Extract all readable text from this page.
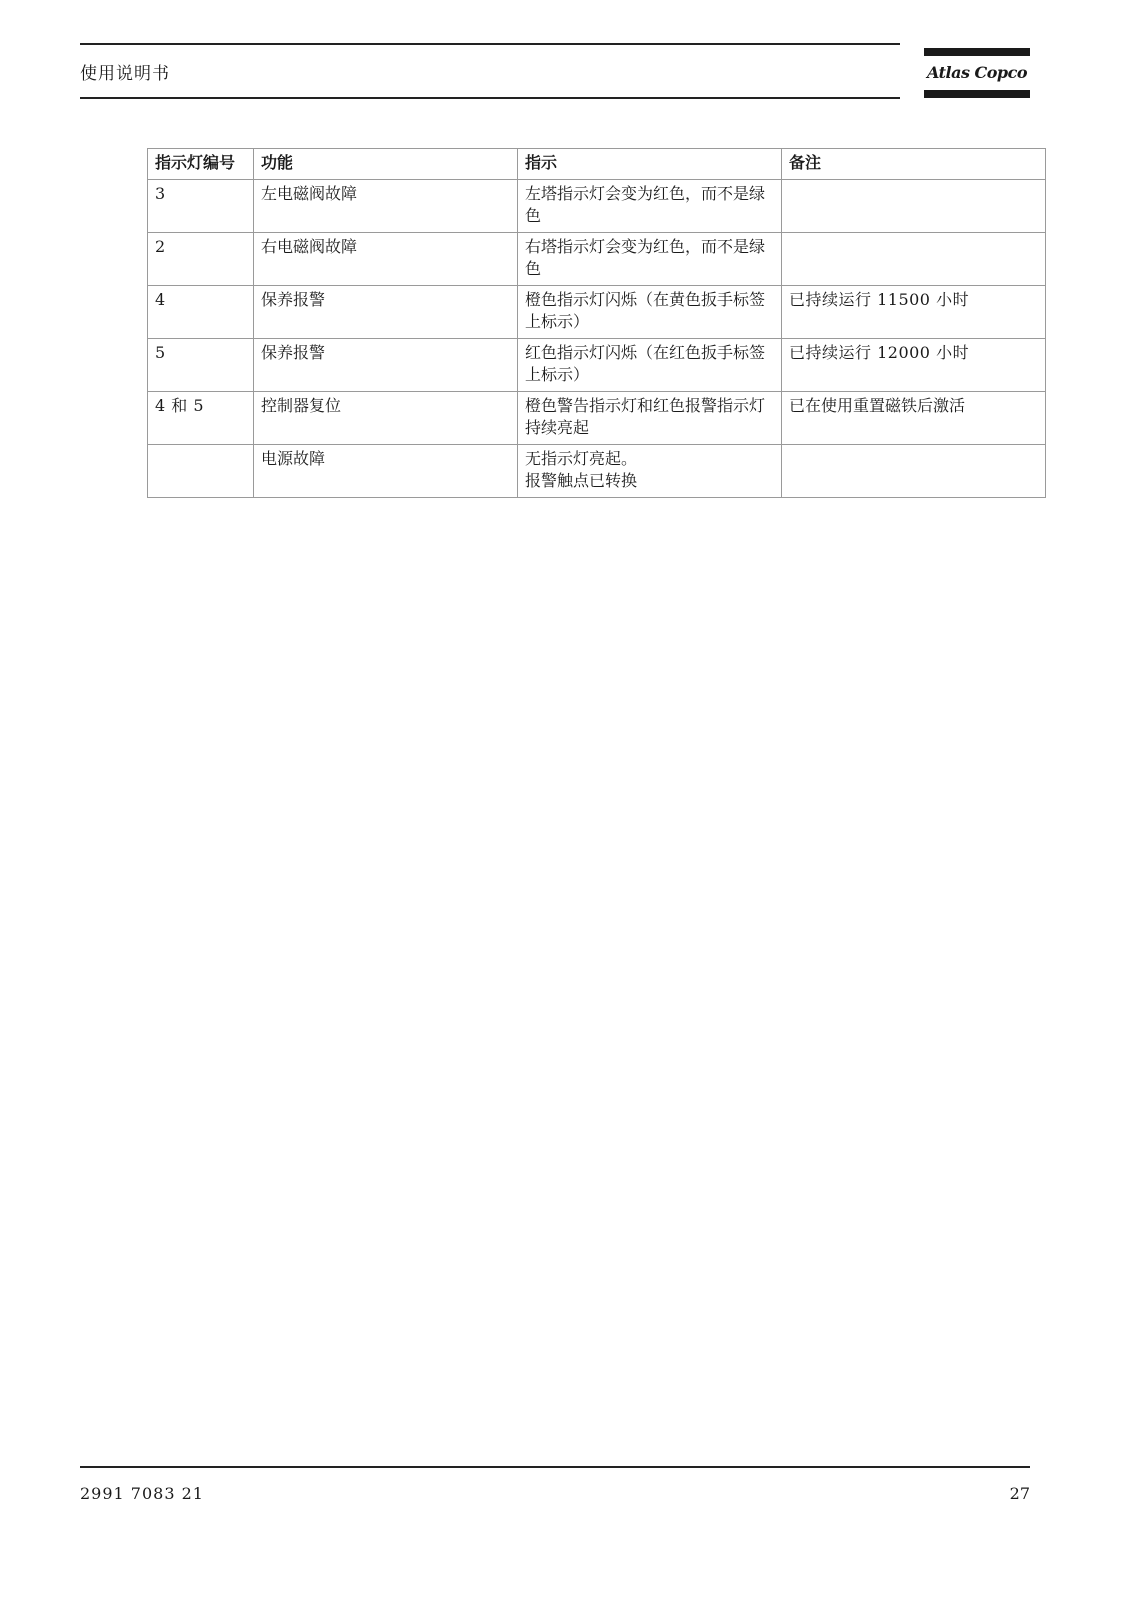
使用说明书	Atlas Copco
指示灯编号	功能	指示	备注
3	左电磁阀故障	左塔指示灯会变为红色，而不是绿色	
2	右电磁阀故障	右塔指示灯会变为红色，而不是绿色	
4	保养报警	橙色指示灯闪烁（在黄色扳手标签上标示）	已持续运行 11500 小时
5	保养报警	红色指示灯闪烁（在红色扳手标签上标示）	已持续运行 12000 小时
4 和 5	控制器复位	橙色警告指示灯和红色报警指示灯持续亮起	已在使用重置磁铁后激活
	电源故障	无指示灯亮起。
报警触点已转换	
2991 7083 21	27
